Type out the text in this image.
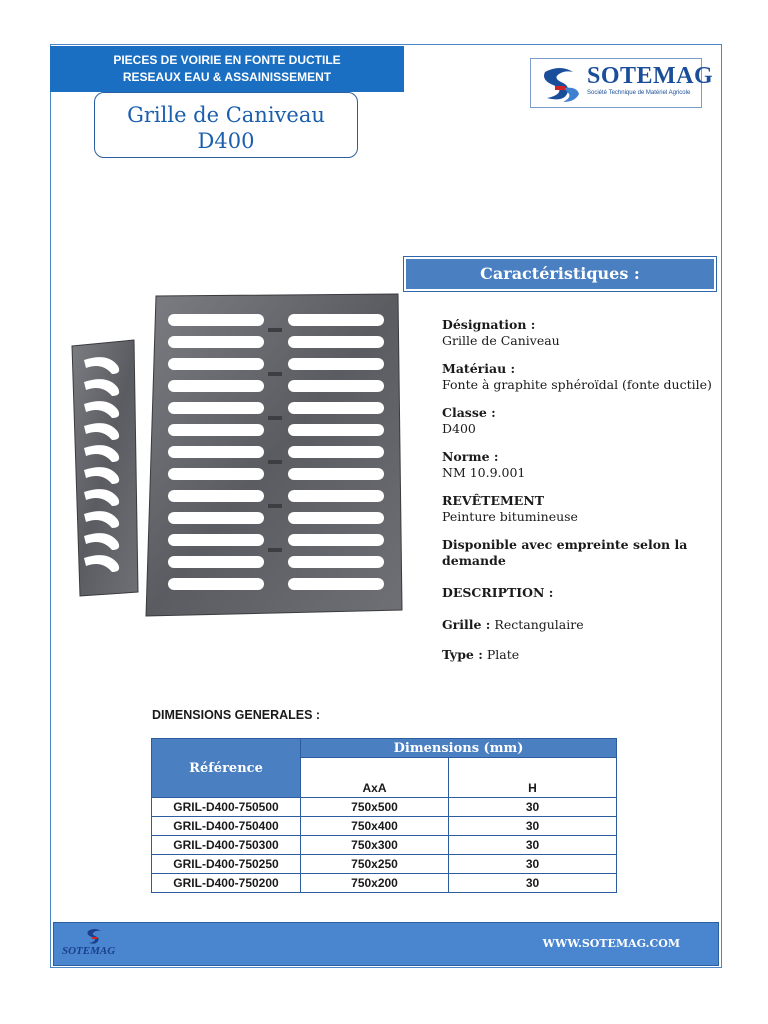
PIECES DE VOIRIE EN FONTE DUCTILE
RESEAUX EAU & ASSAINISSEMENT
Grille de Caniveau
D400
SOTEMAG
Société Technique de Matériel Agricole
Caractéristiques :
Désignation :
Grille de Caniveau
Matériau :
Fonte à graphite sphéroïdal (fonte ductile)
Classe :
D400
Norme :
NM 10.9.001
REVÊTEMENT
Peinture bitumineuse
Disponible avec empreinte selon la demande
DESCRIPTION :
Grille : Rectangulaire
Type : Plate
DIMENSIONS GENERALES :
Référence	Dimensions (mm)	
	AxA	H
GRIL-D400-750500	750x500	30
GRIL-D400-750400	750x400	30
GRIL-D400-750300	750x300	30
GRIL-D400-750250	750x250	30
GRIL-D400-750200	750x200	30
SOTEMAG
WWW.SOTEMAG.COM
